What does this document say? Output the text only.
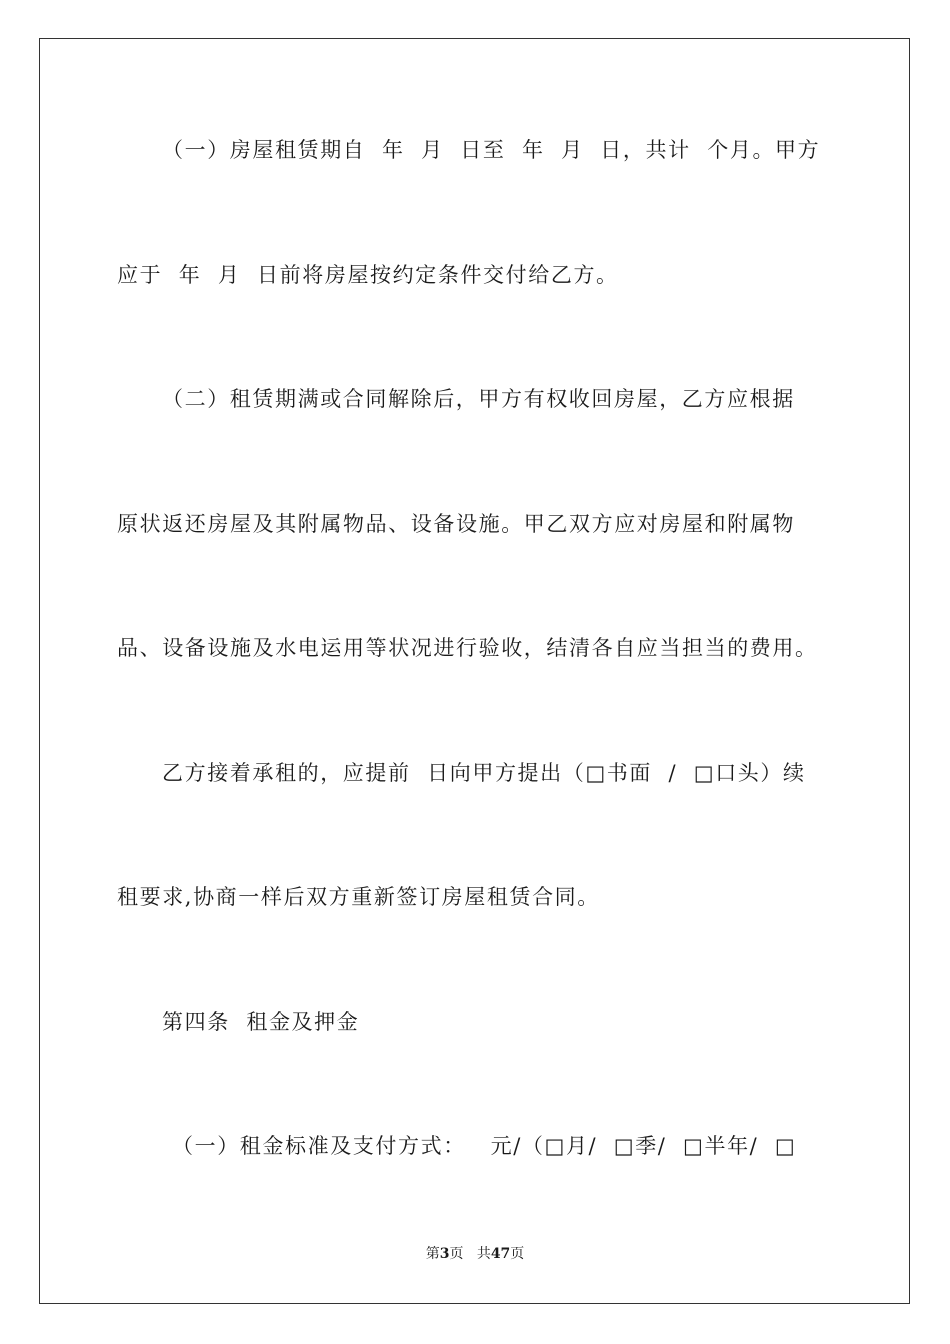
（一）房屋租赁期自  年  月  日至  年  月  日，共计  个月。甲方
应于  年  月  日前将房屋按约定条件交付给乙方。
（二）租赁期满或合同解除后，甲方有权收回房屋，乙方应根据
原状返还房屋及其附属物品、设备设施。甲乙双方应对房屋和附属物
品、设备设施及水电运用等状况进行验收，结清各自应当担当的费用。
乙方接着承租的，应提前  日向甲方提出（□书面  /  □口头）续
租要求,协商一样后双方重新签订房屋租赁合同。
第四条  租金及押金
（一）租金标准及支付方式：   元/（□月/  □季/  □半年/  □
第3页 共47页
